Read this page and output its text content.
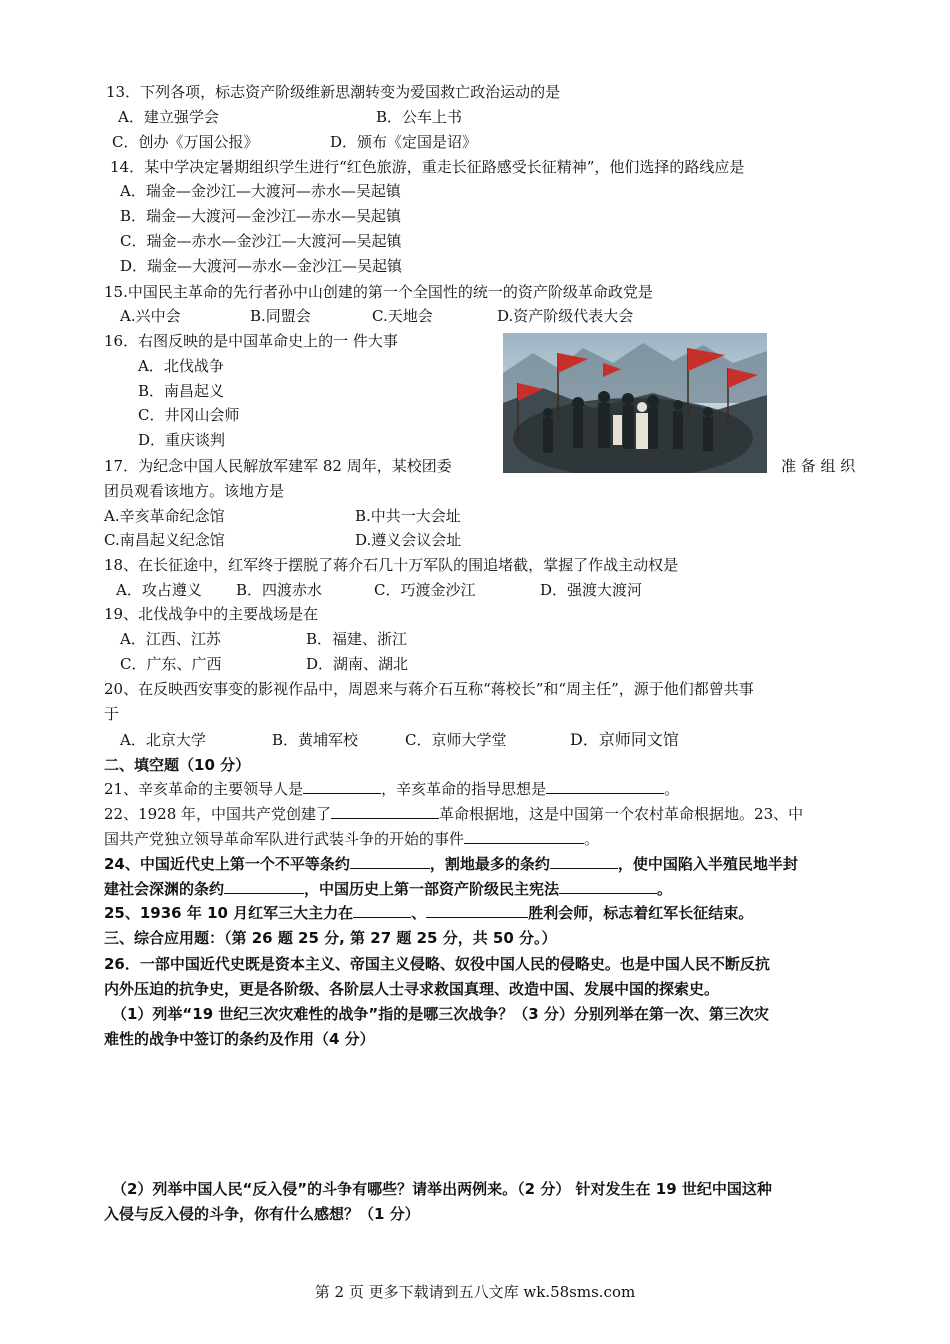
13．下列各项，标志资产阶级维新思潮转变为爱国救亡政治运动的是
A．建立强学会	B．公车上书
C．创办《万国公报》	D．颁布《定国是诏》
14．某中学决定暑期组织学生进行“红色旅游，重走长征路感受长征精神”，他们选择的路线应是
A．瑞金—金沙江—大渡河—赤水—吴起镇
B．瑞金—大渡河—金沙江—赤水—吴起镇
C．瑞金—赤水—金沙江—大渡河—吴起镇
D．瑞金—大渡河—赤水—金沙江—吴起镇
15.中国民主革命的先行者孙中山创建的第一个全国性的统一的资产阶级革命政党是
A.兴中会	B.同盟会	C.天地会	D.资产阶级代表大会
16．右图反映的是中国革命史上的一 件大事
A．北伐战争
B．南昌起义
C．井冈山会师
D．重庆谈判
17．为纪念中国人民解放军建军 82 周年，某校团委	准 备 组 织
团员观看该地方。该地方是
A.辛亥革命纪念馆	B.中共一大会址
C.南昌起义纪念馆	D.遵义会议会址
18、在长征途中，红军终于摆脱了蒋介石几十万军队的围追堵截，掌握了作战主动权是
A．攻占遵义 B．四渡赤水	C．巧渡金沙江	D．强渡大渡河
19、北伐战争中的主要战场是在
A．江西、江苏	B．福建、浙江
C．广东、广西	D．湖南、湖北
20、在反映西安事变的影视作品中，周恩来与蒋介石互称“蒋校长”和“周主任”，源于他们都曾共事
于
A．北京大学	B．黄埔军校	C．京师大学堂	D．京师同文馆
二、填空题（10 分）
21、辛亥革命的主要领导人是	，辛亥革命的指导思想是	。
22、1928 年，中国共产党创建了	革命根据地，这是中国第一个农村革命根据地。23、中
国共产党独立领导革命军队进行武装斗争的开始的事件	。
24、中国近代史上第一个不平等条约	，割地最多的条约	，使中国陷入半殖民地半封
建社会深渊的条约	，中国历史上第一部资产阶级民主宪法	。
25、1936 年 10 月红军三大主力在	、	胜利会师，标志着红军长征结束。
三、综合应用题：（第 26 题 25 分, 第 27 题 25 分，共 50 分。）
26．一部中国近代史既是资本主义、帝国主义侵略、奴役中国人民的侵略史。也是中国人民不断反抗
内外压迫的抗争史，更是各阶级、各阶层人士寻求救国真理、改造中国、发展中国的探索史。
（1）列举“19 世纪三次灾难性的战争”指的是哪三次战争？（3 分）分别列举在第一次、第三次灾
难性的战争中签订的条约及作用（4 分）
（2）列举中国人民“反入侵”的斗争有哪些？请举出两例来。（2 分） 针对发生在 19 世纪中国这种
入侵与反入侵的斗争，你有什么感想？（1 分）
第 2 页 更多下载请到五八文库 wk.58sms.com
